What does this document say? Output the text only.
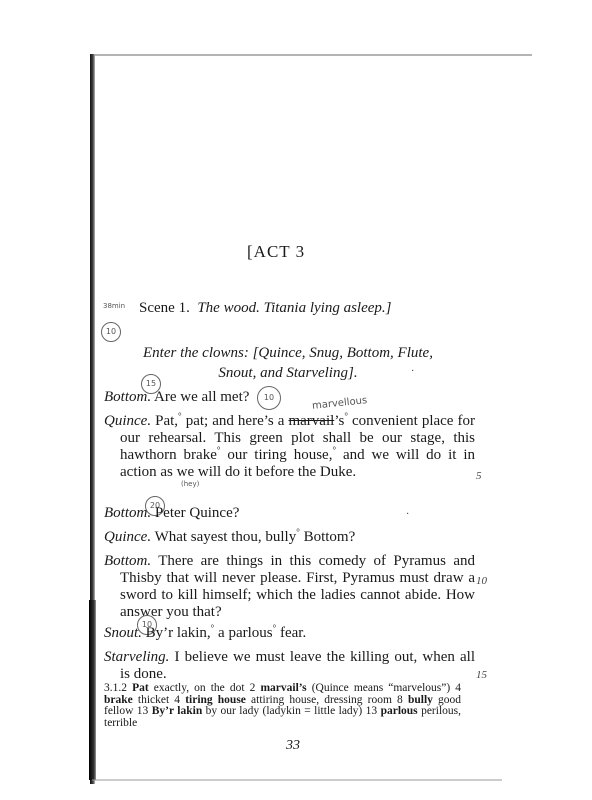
[ACT 3
38min Scene 1. The wood. Titania lying asleep.]
10
Enter the clowns: [Quince, Snug, Bottom, Flute,
Snout, and Starveling].
15
Bottom. Are we all met?	10	marvellous
Quince. Pat,° pat; and here’s a marvail’s° convenient place for our rehearsal. This green plot shall be our stage, this hawthorn brake° our tiring house,° and we will do it in action as we will do it before the Duke.
(hey)
5
20
Bottom. Peter Quince?
Quince. What sayest thou, bully° Bottom?
Bottom. There are things in this comedy of Pyramus and Thisby that will never please. First, Pyramus must draw a sword to kill himself; which the ladies cannot abide. How answer you that?
10
10
Snout. By’r lakin,° a parlous° fear.
Starveling. I believe we must leave the killing out, when all is done.	15
·
·
3.1.2 Pat exactly, on the dot 2 marvail’s (Quince means “marvelous”) 4 brake thicket 4 tiring house attiring house, dressing room 8 bully good fellow 13 By’r lakin by our lady (ladykin = little lady) 13 parlous perilous, terrible
33
